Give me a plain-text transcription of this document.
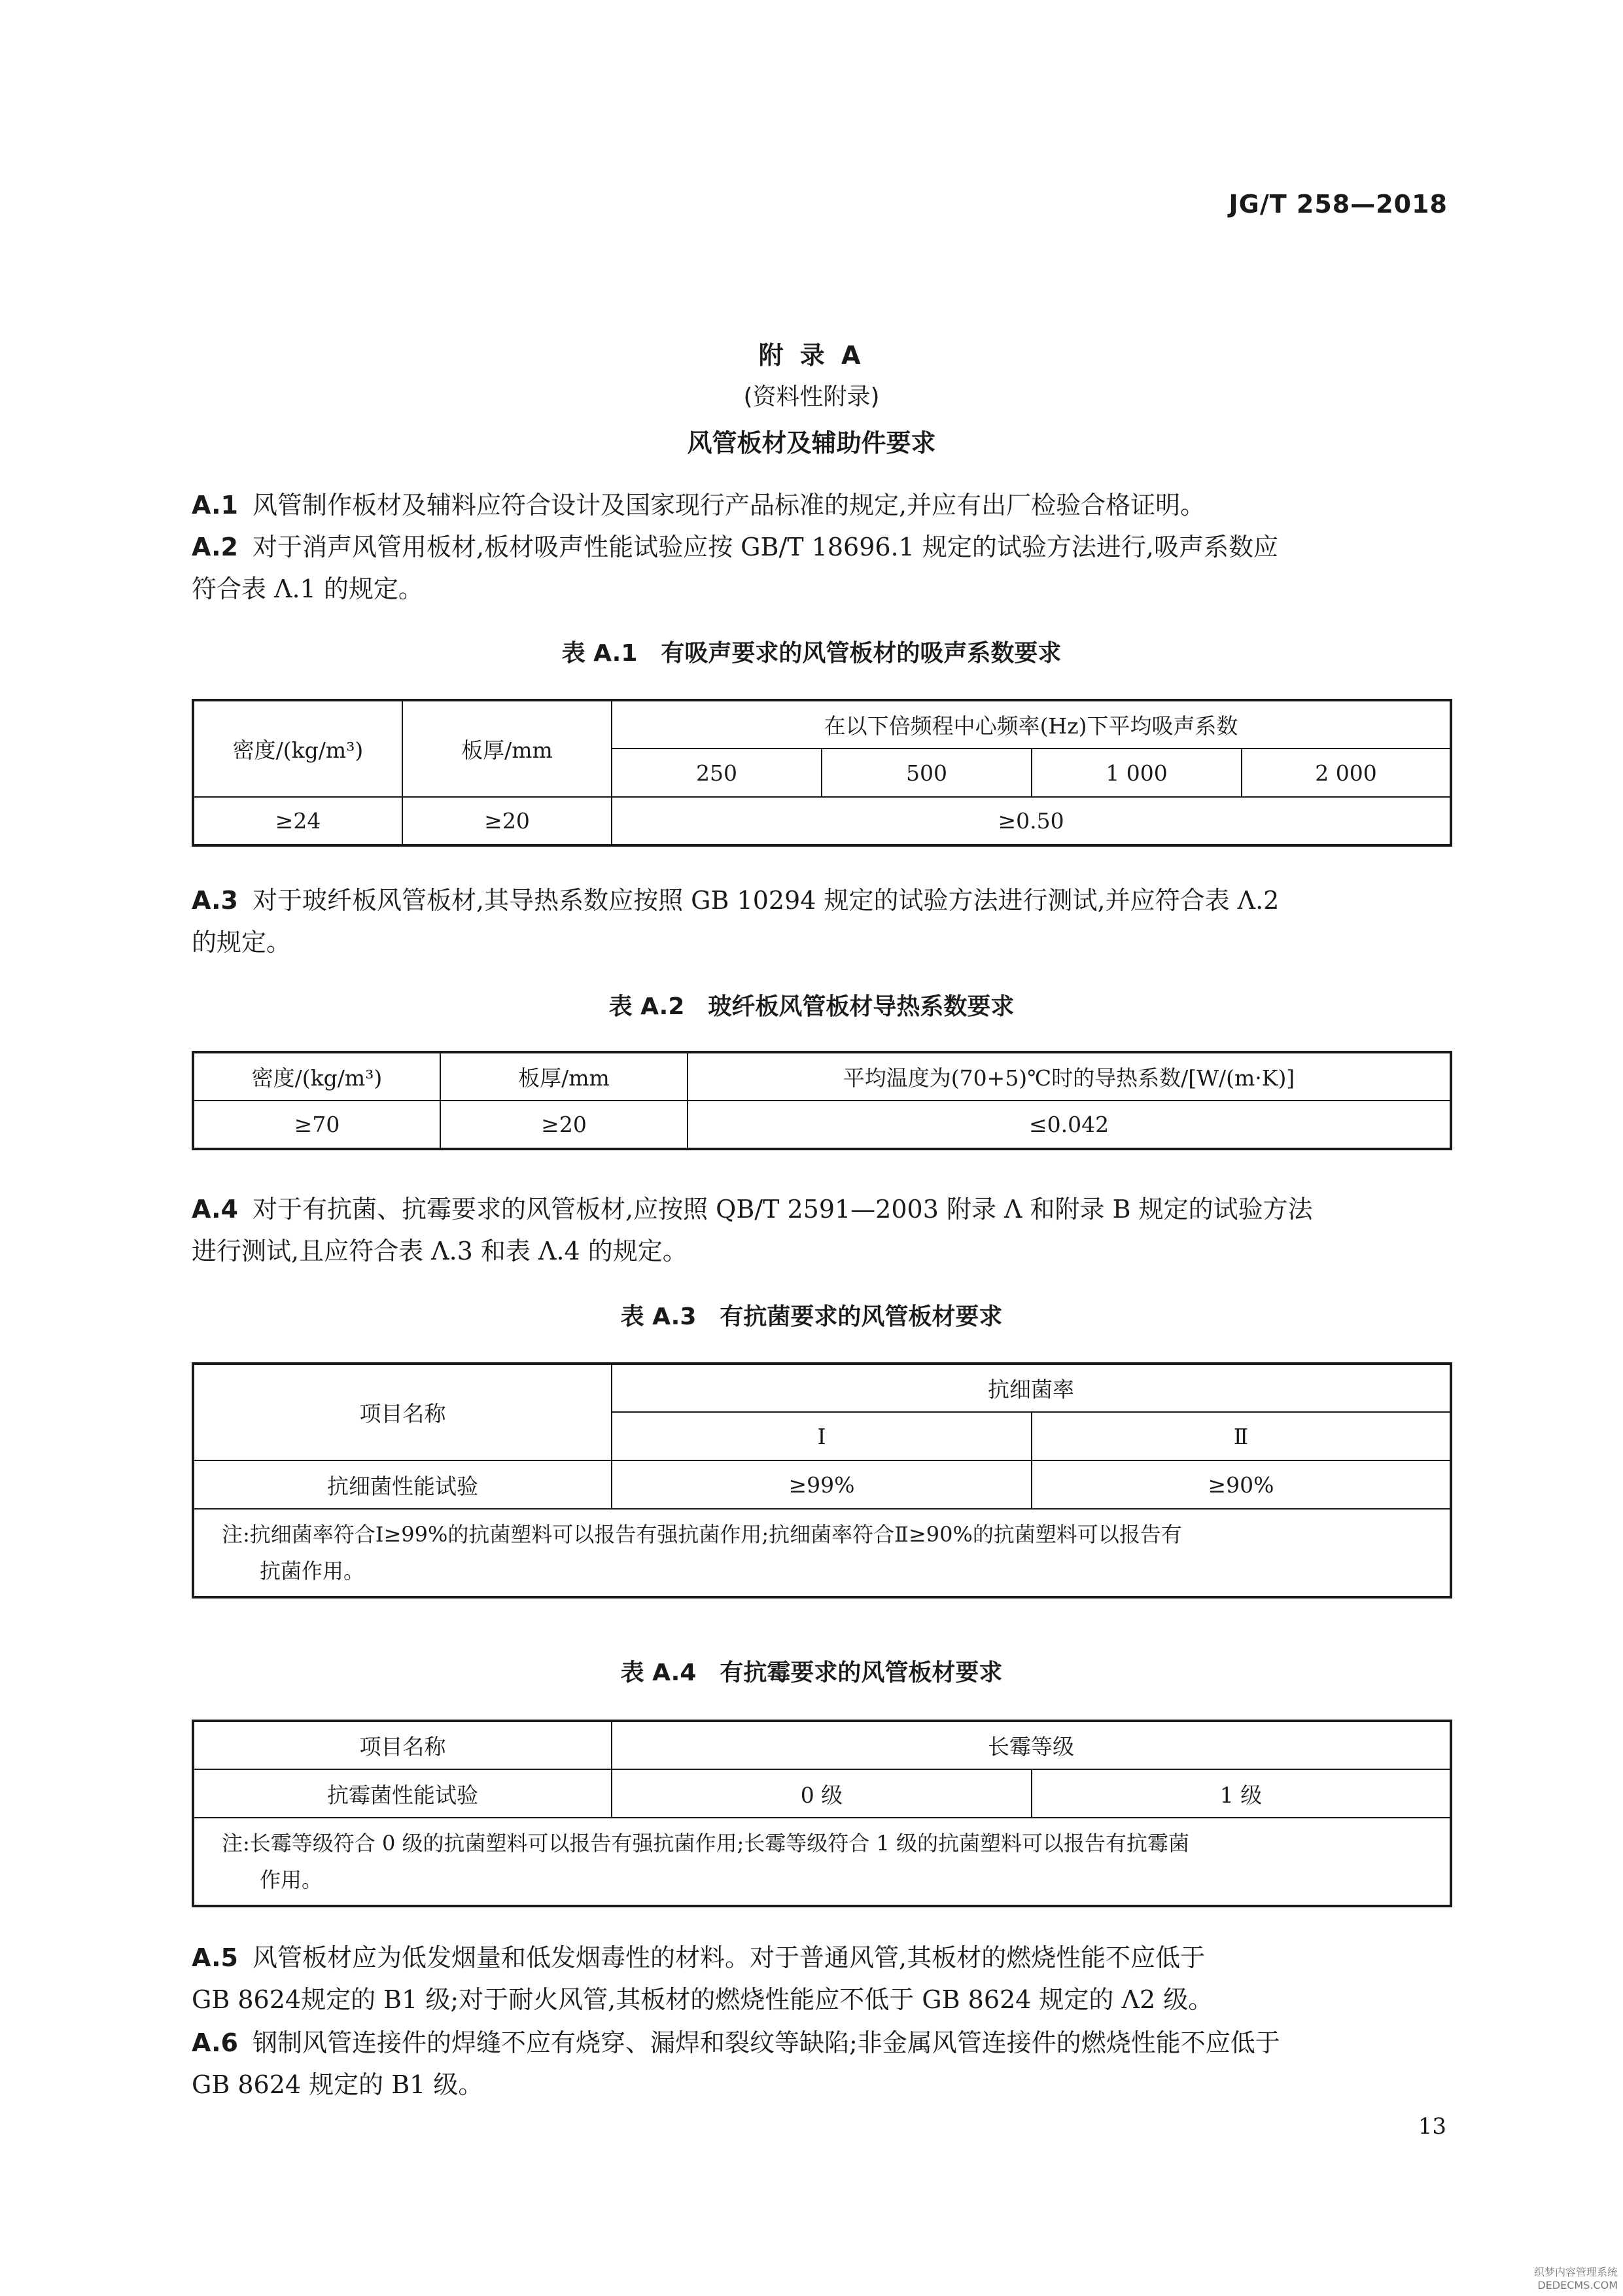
JG/T 258—2018
附 录 A
(资料性附录)
风管板材及辅助件要求
A.1 风管制作板材及辅料应符合设计及国家现行产品标准的规定,并应有出厂检验合格证明。
A.2 对于消声风管用板材,板材吸声性能试验应按 GB/T 18696.1 规定的试验方法进行,吸声系数应
符合表 Λ.1 的规定。
表 A.1　有吸声要求的风管板材的吸声系数要求
密度/(kg/m³)	板厚/mm	在以下倍频程中心频率(Hz)下平均吸声系数			
		250	500	1 000	2 000
≥24	≥20	≥0.50			
A.3 对于玻纤板风管板材,其导热系数应按照 GB 10294 规定的试验方法进行测试,并应符合表 Λ.2
的规定。
表 A.2　玻纤板风管板材导热系数要求
密度/(kg/m³)	板厚/mm	平均温度为(70+5)℃时的导热系数/[W/(m·K)]
≥70	≥20	≤0.042
A.4 对于有抗菌、抗霉要求的风管板材,应按照 QB/T 2591—2003 附录 Λ 和附录 B 规定的试验方法
进行测试,且应符合表 Λ.3 和表 Λ.4 的规定。
表 A.3　有抗菌要求的风管板材要求
项目名称	抗细菌率	
	Ⅰ	Ⅱ
抗细菌性能试验	≥99%	≥90%
注:抗细菌率符合Ⅰ≥99%的抗菌塑料可以报告有强抗菌作用;抗细菌率符合Ⅱ≥90%的抗菌塑料可以报告有
抗菌作用。		
表 A.4　有抗霉要求的风管板材要求
项目名称	长霉等级	
抗霉菌性能试验	0 级	1 级
注:长霉等级符合 0 级的抗菌塑料可以报告有强抗菌作用;长霉等级符合 1 级的抗菌塑料可以报告有抗霉菌
作用。		
A.5 风管板材应为低发烟量和低发烟毒性的材料。对于普通风管,其板材的燃烧性能不应低于
GB 8624规定的 B1 级;对于耐火风管,其板材的燃烧性能应不低于 GB 8624 规定的 Λ2 级。
A.6 钢制风管连接件的焊缝不应有烧穿、漏焊和裂纹等缺陷;非金属风管连接件的燃烧性能不应低于
GB 8624 规定的 B1 级。
13
织梦内容管理系统
DEDECMS.COM
